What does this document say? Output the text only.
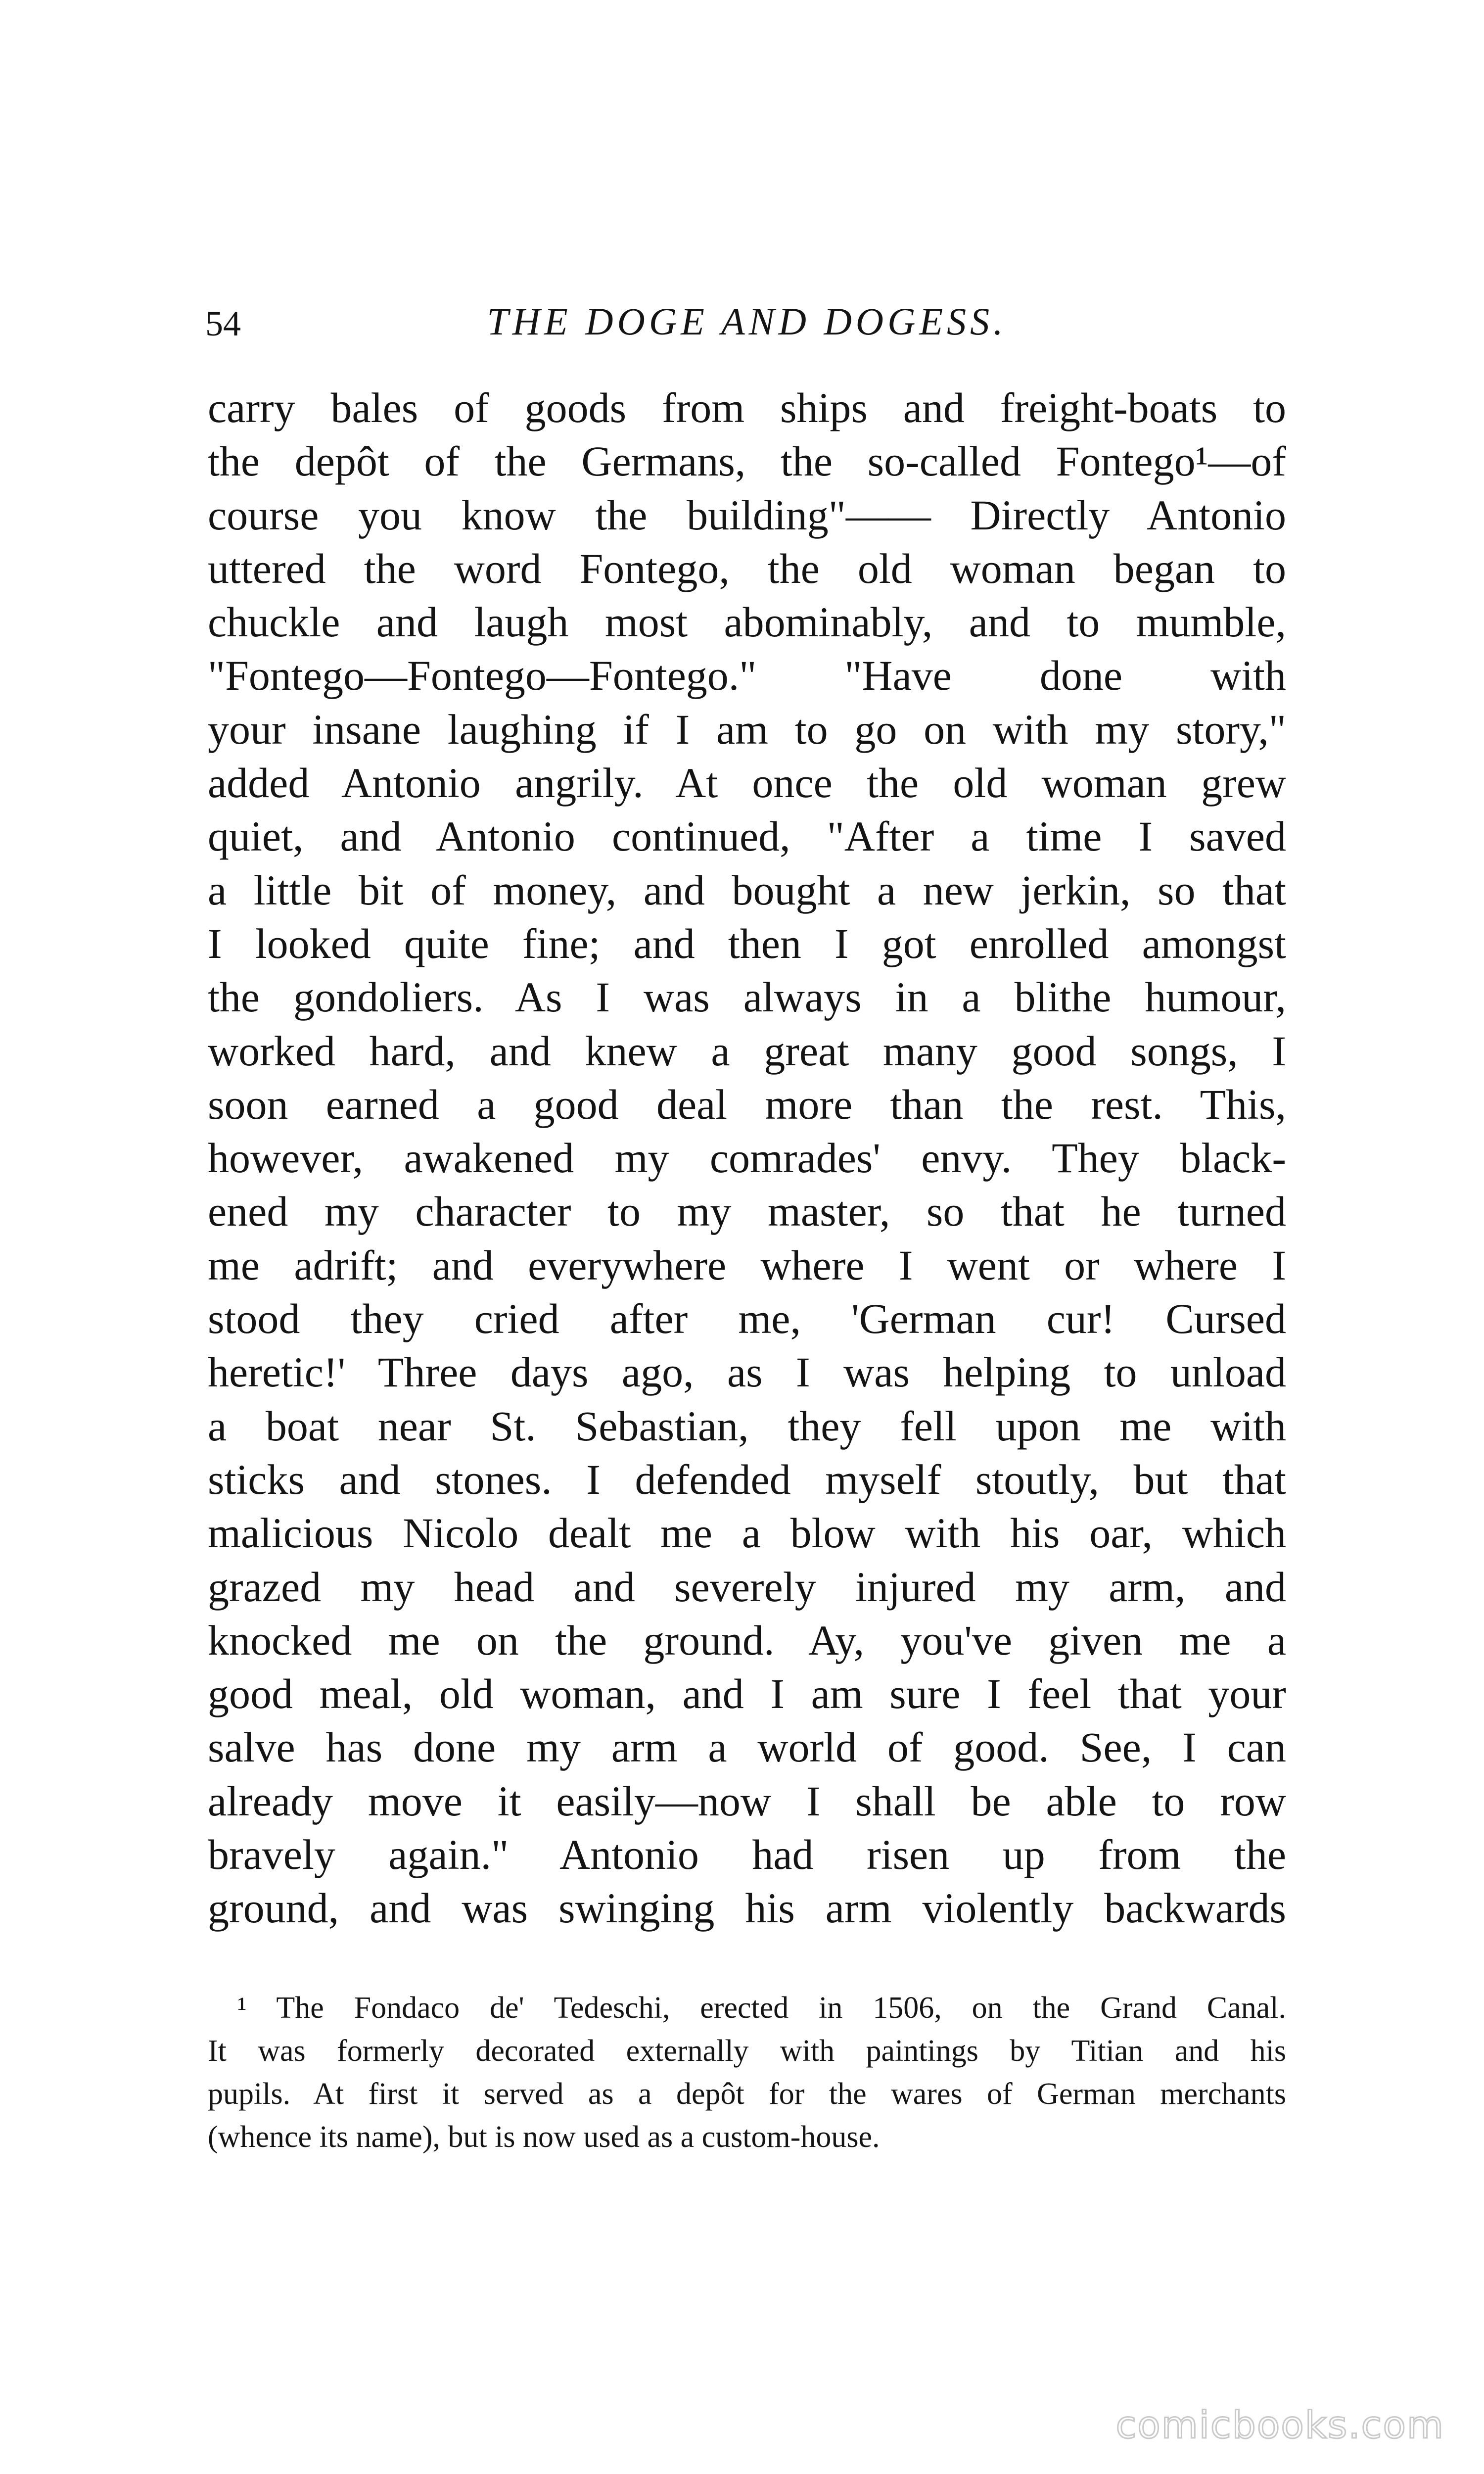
54	THE DOGE AND DOGESS.
carry bales of goods from ships and freight-boats to
the depôt of the Germans, the so-called Fontego¹—of
course you know the building"—— Directly Antonio
uttered the word Fontego, the old woman began to
chuckle and laugh most abominably, and to mumble,
"Fontego—Fontego—Fontego." "Have done with
your insane laughing if I am to go on with my story,"
added Antonio angrily. At once the old woman grew
quiet, and Antonio continued, "After a time I saved
a little bit of money, and bought a new jerkin, so that
I looked quite fine; and then I got enrolled amongst
the gondoliers. As I was always in a blithe humour,
worked hard, and knew a great many good songs, I
soon earned a good deal more than the rest. This,
however, awakened my comrades' envy. They black-
ened my character to my master, so that he turned
me adrift; and everywhere where I went or where I
stood they cried after me, 'German cur! Cursed
heretic!' Three days ago, as I was helping to unload
a boat near St. Sebastian, they fell upon me with
sticks and stones. I defended myself stoutly, but that
malicious Nicolo dealt me a blow with his oar, which
grazed my head and severely injured my arm, and
knocked me on the ground. Ay, you've given me a
good meal, old woman, and I am sure I feel that your
salve has done my arm a world of good. See, I can
already move it easily—now I shall be able to row
bravely again." Antonio had risen up from the
ground, and was swinging his arm violently backwards
¹ The Fondaco de' Tedeschi, erected in 1506, on the Grand Canal.
It was formerly decorated externally with paintings by Titian and his
pupils. At first it served as a depôt for the wares of German merchants
(whence its name), but is now used as a custom-house.
comicbooks.com
